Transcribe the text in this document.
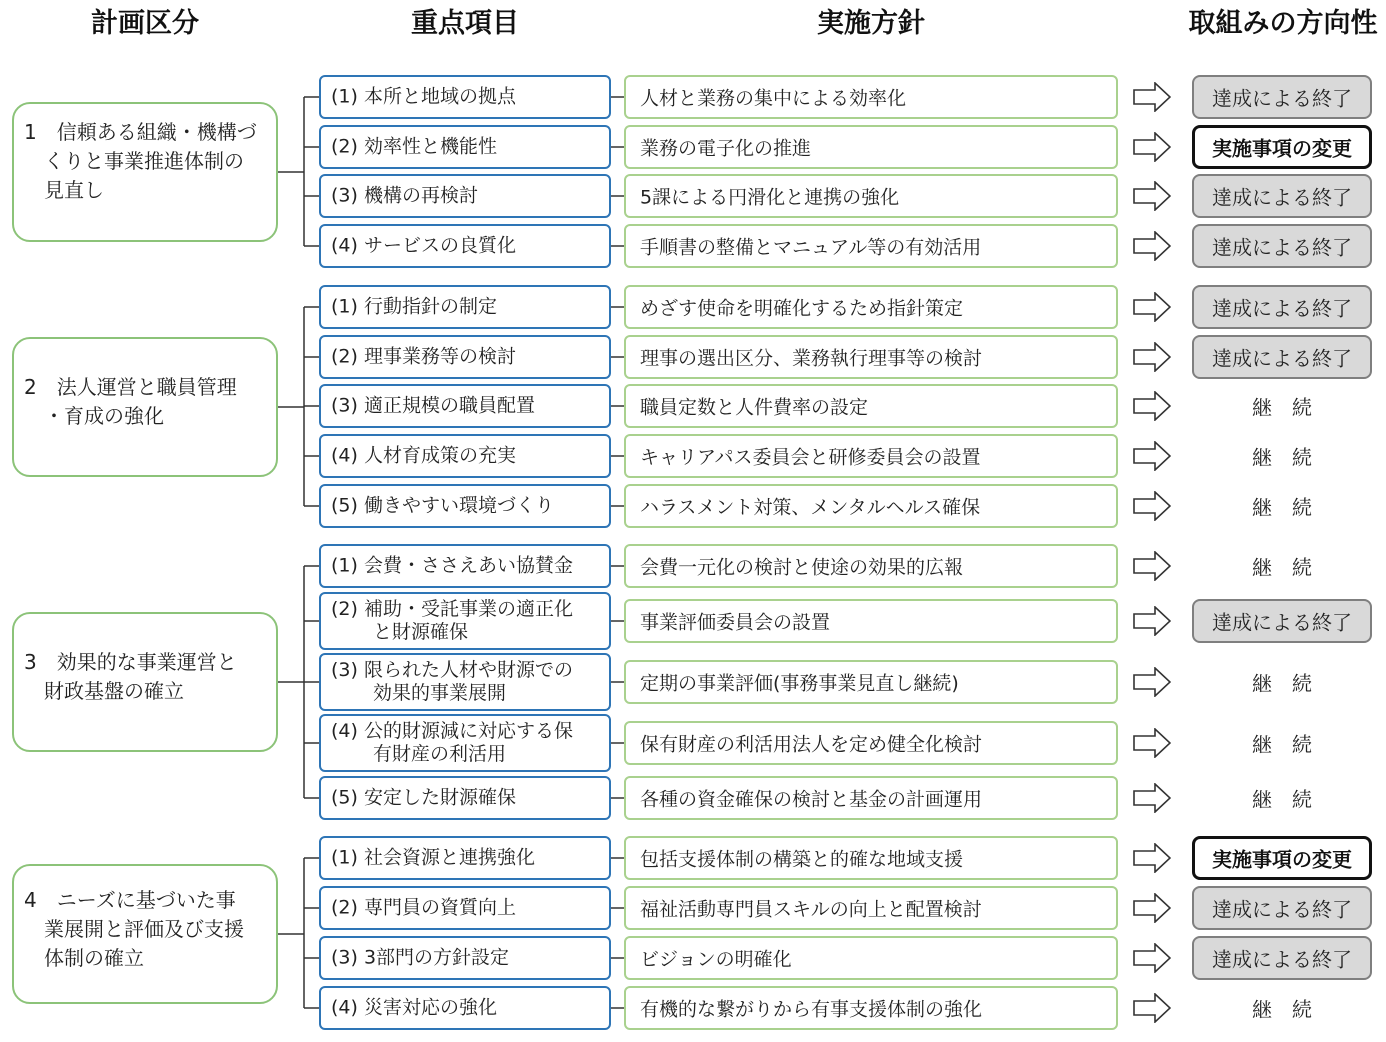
計画区分	重点項目	実施方針	取組みの方向性
1　信頼ある組織・機構づ
　くりと事業推進体制の
　見直し
(1) 本所と地域の拠点	人材と業務の集中による効率化	達成による終了
(2) 効率性と機能性	業務の電子化の推進	実施事項の変更
(3) 機構の再検討	5課による円滑化と連携の強化	達成による終了
(4) サービスの良質化	手順書の整備とマニュアル等の有効活用	達成による終了
2　法人運営と職員管理
　・育成の強化
(1) 行動指針の制定	めざす使命を明確化するため指針策定	達成による終了
(2) 理事業務等の検討	理事の選出区分、業務執行理事等の検討	達成による終了
(3) 適正規模の職員配置	職員定数と人件費率の設定	継　続
(4) 人材育成策の充実	キャリアパス委員会と研修委員会の設置	継　続
(5) 働きやすい環境づくり	ハラスメント対策、メンタルヘルス確保	継　続
3　効果的な事業運営と
　財政基盤の確立
(1) 会費・ささえあい協賛金	会費一元化の検討と使途の効果的広報	継　続
(2) 補助・受託事業の適正化
と財源確保	事業評価委員会の設置	達成による終了
(3) 限られた人材や財源での
効果的事業展開	定期の事業評価(事務事業見直し継続)	継　続
(4) 公的財源減に対応する保
有財産の利活用	保有財産の利活用法人を定め健全化検討	継　続
(5) 安定した財源確保	各種の資金確保の検討と基金の計画運用	継　続
4　ニーズに基づいた事
　業展開と評価及び支援
　体制の確立
(1) 社会資源と連携強化	包括支援体制の構築と的確な地域支援	実施事項の変更
(2) 専門員の資質向上	福祉活動専門員スキルの向上と配置検討	達成による終了
(3) 3部門の方針設定	ビジョンの明確化	達成による終了
(4) 災害対応の強化	有機的な繋がりから有事支援体制の強化	継　続
